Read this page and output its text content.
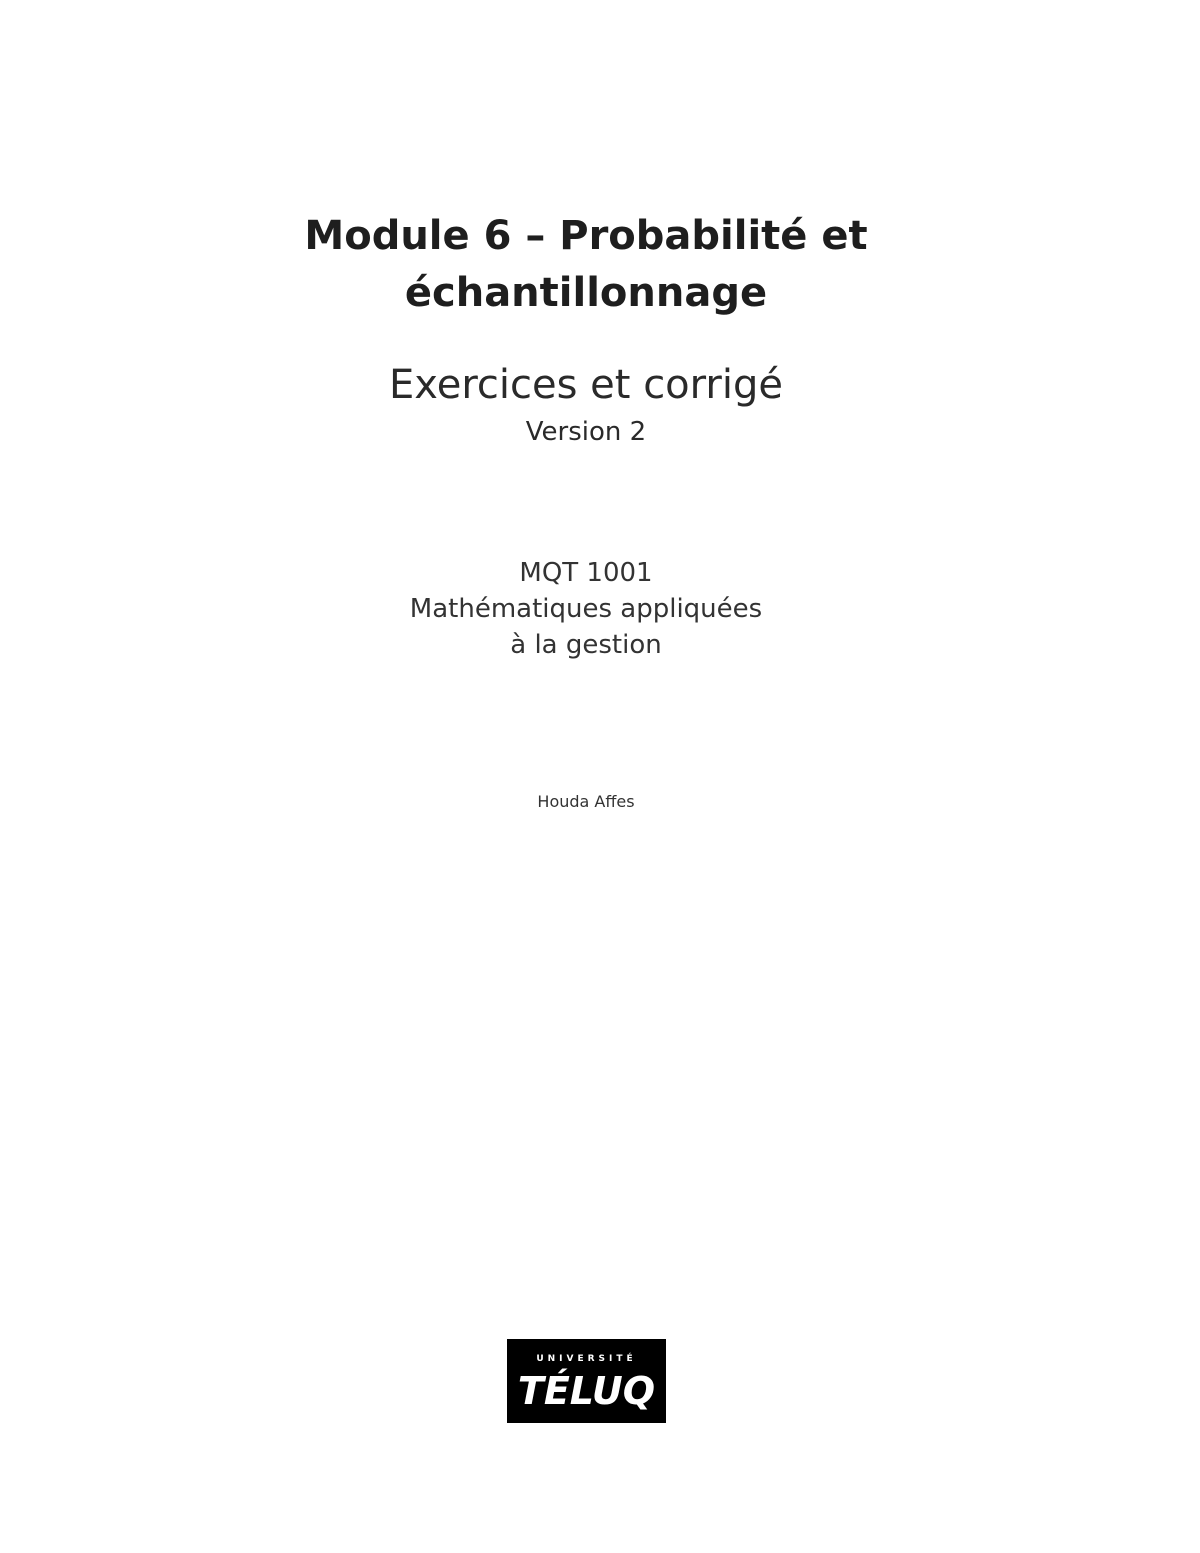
Module 6 – Probabilité et
échantillonnage
Exercices et corrigé
Version 2
MQT 1001
Mathématiques appliquées
à la gestion
Houda Affes
UNIVERSITÉ
TÉLUQ
